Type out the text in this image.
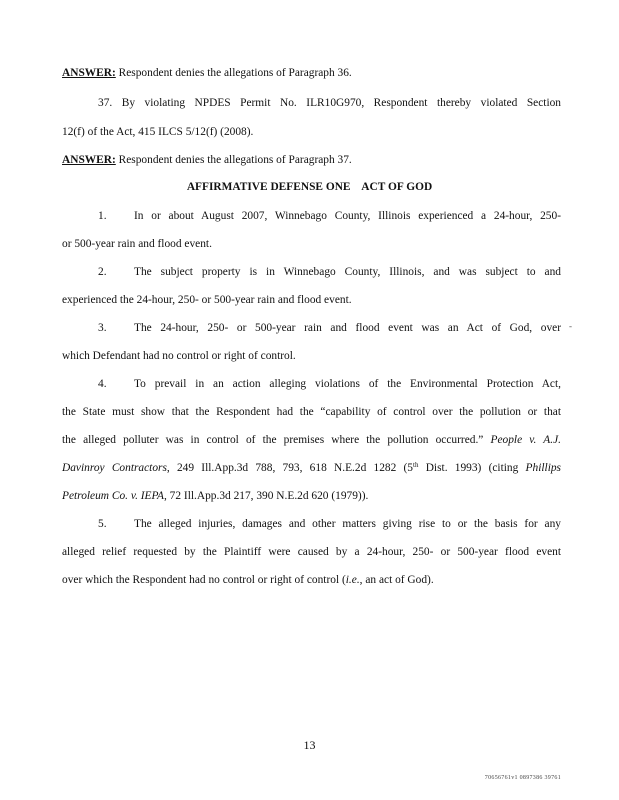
ANSWER: Respondent denies the allegations of Paragraph 36.
37. By violating NPDES Permit No. ILR10G970, Respondent thereby violated Section
12(f) of the Act, 415 ILCS 5/12(f) (2008).
ANSWER: Respondent denies the allegations of Paragraph 37.
AFFIRMATIVE DEFENSE ONE    ACT OF GOD
1. In or about August 2007, Winnebago County, Illinois experienced a 24-hour, 250-
or 500-year rain and flood event.
2. The subject property is in Winnebago County, Illinois, and was subject to and
experienced the 24-hour, 250- or 500-year rain and flood event.
3. The 24-hour, 250- or 500-year rain and flood event was an Act of God, over
which Defendant had no control or right of control.
-
4. To prevail in an action alleging violations of the Environmental Protection Act,
the State must show that the Respondent had the “capability of control over the pollution or that
the alleged polluter was in control of the premises where the pollution occurred.” People v. A.J.
Davinroy Contractors, 249 Ill.App.3d 788, 793, 618 N.E.2d 1282 (5th Dist. 1993) (citing Phillips
Petroleum Co. v. IEPA, 72 Ill.App.3d 217, 390 N.E.2d 620 (1979)).
5. The alleged injuries, damages and other matters giving rise to or the basis for any
alleged relief requested by the Plaintiff were caused by a 24-hour, 250- or 500-year flood event
over which the Respondent had no control or right of control (i.e., an act of God).
13
70656761v1 0897386 39761
